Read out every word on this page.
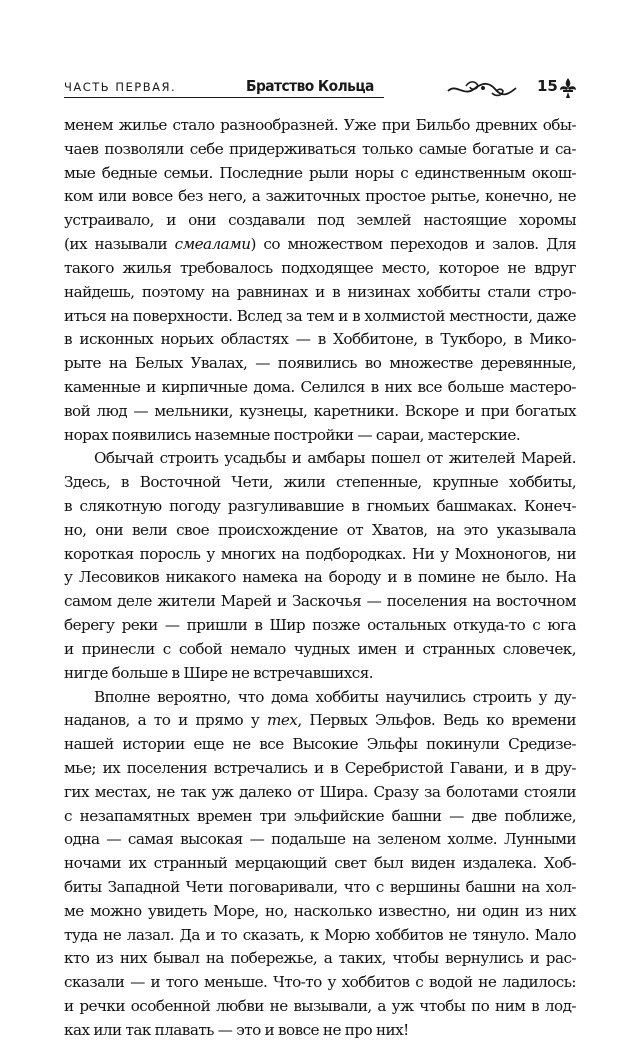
ЧАСТЬ ПЕРВАЯ.	Братство Кольца	15
менем жилье стало разнообразней. Уже при Бильбо древних обы-
чаев позволяли себе придерживаться только самые богатые и са-
мые бедные семьи. Последние рыли норы с единственным окош-
ком или вовсе без него, а зажиточных простое рытье, конечно, не
устраивало, и они создавали под землей настоящие хоромы
(их называли смеалами) со множеством переходов и залов. Для
такого жилья требовалось подходящее место, которое не вдруг
найдешь, поэтому на равнинах и в низинах хоббиты стали стро-
иться на поверхности. Вслед за тем и в холмистой местности, даже
в исконных норьих областях — в Хоббитоне, в Тукборо, в Мико-
рыте на Белых Увалах, — появились во множестве деревянные,
каменные и кирпичные дома. Селился в них все больше мастеро-
вой люд — мельники, кузнецы, каретники. Вскоре и при богатых
норах появились наземные постройки — сараи, мастерские.
Обычай строить усадьбы и амбары пошел от жителей Марей.
Здесь, в Восточной Чети, жили степенные, крупные хоббиты,
в слякотную погоду разгуливавшие в гномьих башмаках. Конеч-
но, они вели свое происхождение от Хватов, на это указывала
короткая поросль у многих на подбородках. Ни у Мохноногов, ни
у Лесовиков никакого намека на бороду и в помине не было. На
самом деле жители Марей и Заскочья — поселения на восточном
берегу реки — пришли в Шир позже остальных откуда-то с юга
и принесли с собой немало чудных имен и странных словечек,
нигде больше в Шире не встречавшихся.
Вполне вероятно, что дома хоббиты научились строить у ду-
наданов, а то и прямо у тех, Первых Эльфов. Ведь ко времени
нашей истории еще не все Высокие Эльфы покинули Средизе-
мье; их поселения встречались и в Серебристой Гавани, и в дру-
гих местах, не так уж далеко от Шира. Сразу за болотами стояли
с незапамятных времен три эльфийские башни — две поближе,
одна — самая высокая — подальше на зеленом холме. Лунными
ночами их странный мерцающий свет был виден издалека. Хоб-
биты Западной Чети поговаривали, что с вершины башни на хол-
ме можно увидеть Море, но, насколько известно, ни один из них
туда не лазал. Да и то сказать, к Морю хоббитов не тянуло. Мало
кто из них бывал на побережье, а таких, чтобы вернулись и рас-
сказали — и того меньше. Что-то у хоббитов с водой не ладилось:
и речки особенной любви не вызывали, а уж чтобы по ним в лод-
ках или так плавать — это и вовсе не про них!
